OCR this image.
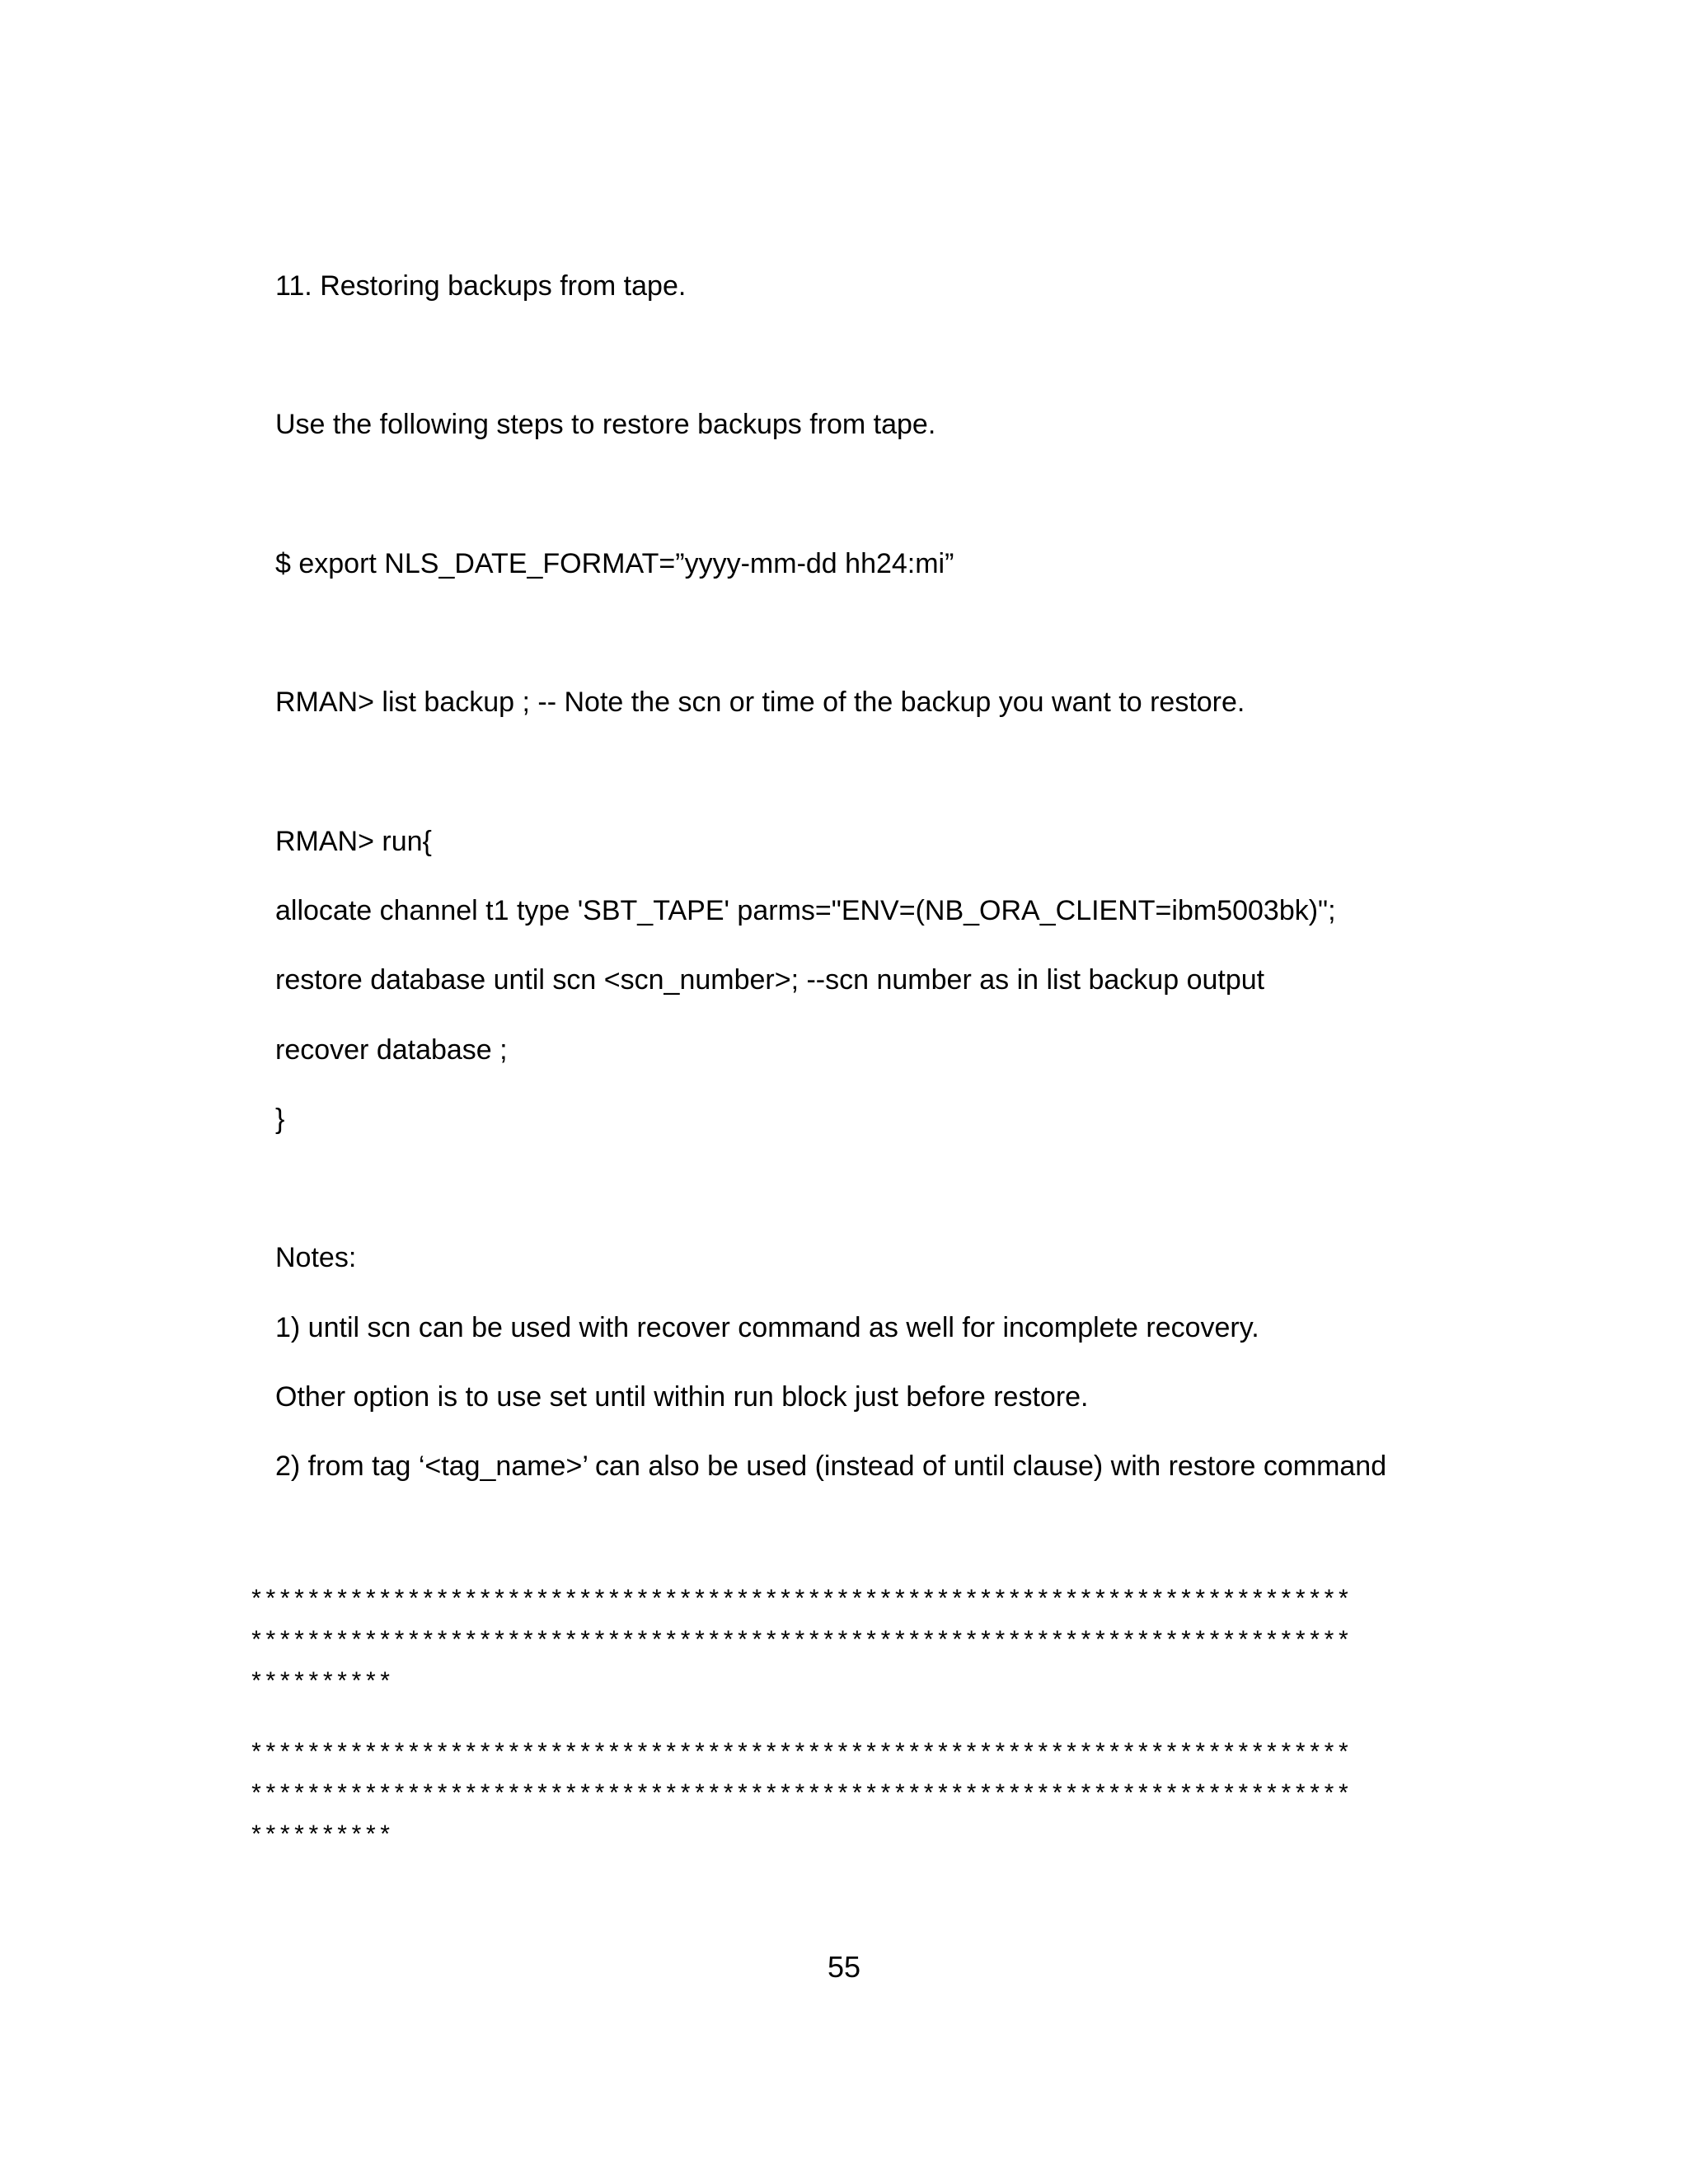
11. Restoring backups from tape.
Use the following steps to restore backups from tape.
$ export NLS_DATE_FORMAT=”yyyy-mm-dd hh24:mi”
RMAN> list backup ; -- Note the scn or time of the backup you want to restore.
RMAN> run{
allocate channel t1 type 'SBT_TAPE' parms="ENV=(NB_ORA_CLIENT=ibm5003bk)";
restore database until scn <scn_number>; --scn number as in list backup output
recover database ;
}
Notes:
1) until scn can be used with recover command as well for incomplete recovery.
Other option is to use set until within run block just before restore.
2) from tag ‘<tag_name>’ can also be used (instead of until clause) with restore command
*****************************************************************************
*****************************************************************************
**********
*****************************************************************************
*****************************************************************************
**********
55
